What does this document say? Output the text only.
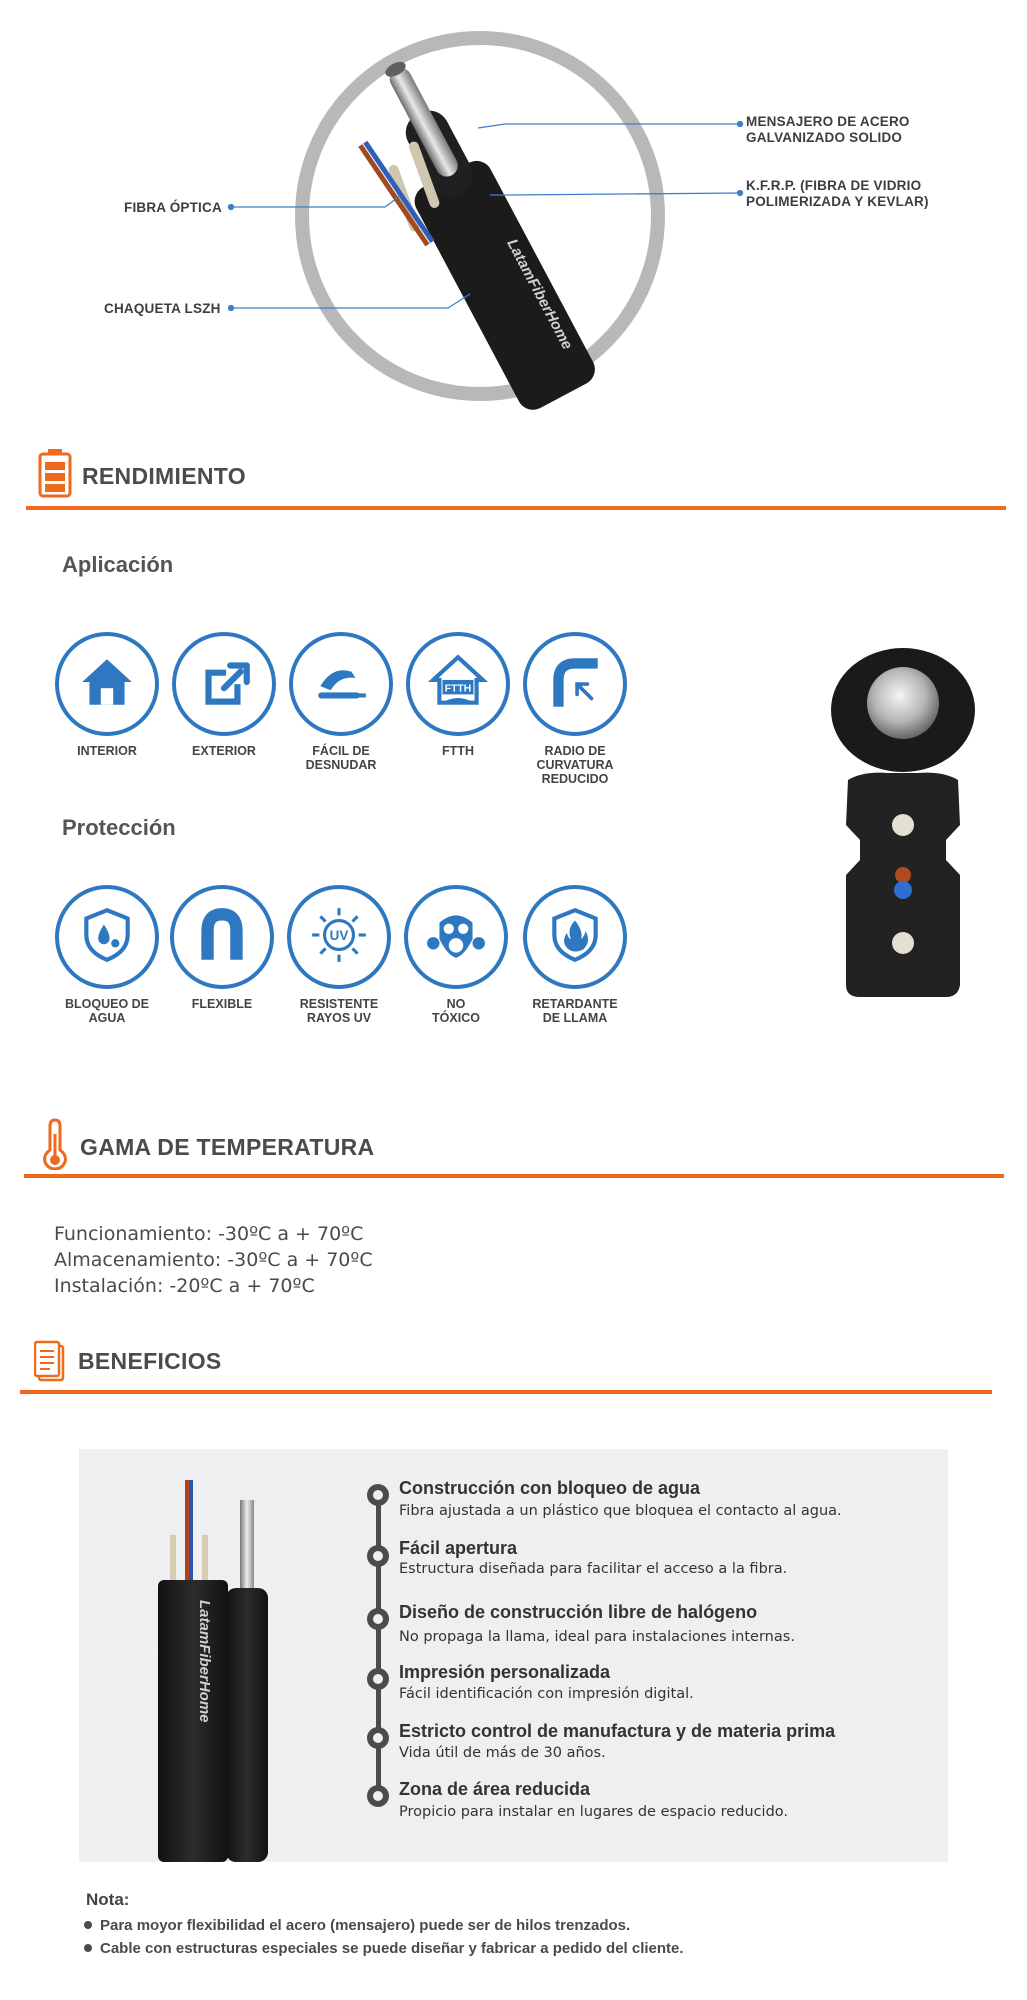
LatamFiberHome
MENSAJERO DE ACERO
GALVANIZADO SOLIDO
K.F.R.P. (FIBRA DE VIDRIO
POLIMERIZADA Y KEVLAR)
FIBRA ÓPTICA
CHAQUETA LSZH
RENDIMIENTO
Aplicación
INTERIOR	EXTERIOR	FÁCIL DE
DESNUDAR
FTTH
FTTH	RADIO DE
CURVATURA
REDUCIDO
Protección
BLOQUEO DE
AGUA
FLEXIBLE
UV
RESISTENTE
RAYOS UV
NO
TÓXICO
RETARDANTE
DE LLAMA
GAMA DE TEMPERATURA
Funcionamiento: -30ºC a + 70ºC
Almacenamiento: -30ºC a + 70ºC
Instalación: -20ºC a + 70ºC
BENEFICIOS
LatamFiberHome
Construcción con bloqueo de agua
Fibra ajustada a un plástico que bloquea el contacto al agua.
Fácil apertura
Estructura diseñada para facilitar el acceso a la fibra.
Diseño de construcción libre de halógeno
No propaga la llama, ideal para instalaciones internas.
Impresión personalizada
Fácil identificación con impresión digital.
Estricto control de manufactura y de materia prima
Vida útil de más de 30 años.
Zona de área reducida
Propicio para instalar en lugares de espacio reducido.
Nota:
Para moyor flexibilidad el acero (mensajero) puede ser de hilos trenzados.
Cable con estructuras especiales se puede diseñar y fabricar a pedido del cliente.
